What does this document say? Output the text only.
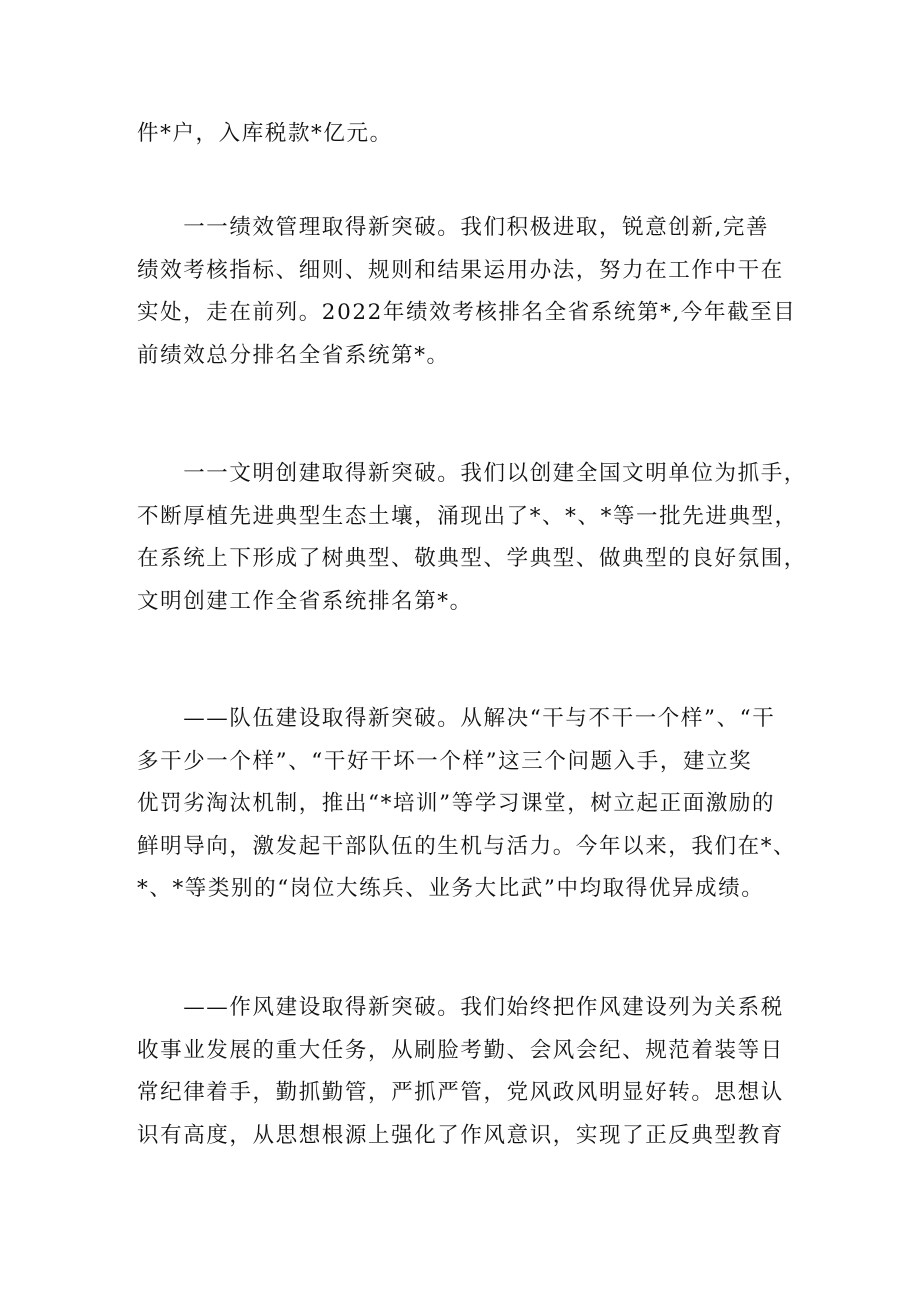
件*户，入库税款*亿元。

　　一一绩效管理取得新突破。我们积极进取，锐意创新,完善
绩效考核指标、细则、规则和结果运用办法，努力在工作中干在
实处，走在前列。2022年绩效考核排名全省系统第*,今年截至目
前绩效总分排名全省系统第*。

　　一一文明创建取得新突破。我们以创建全国文明单位为抓手，
不断厚植先进典型生态土壤，涌现出了*、*、*等一批先进典型，
在系统上下形成了树典型、敬典型、学典型、做典型的良好氛围，
文明创建工作全省系统排名第*。

　　——队伍建设取得新突破。从解决“干与不干一个样”、“干
多干少一个样”、“干好干坏一个样”这三个问题入手，建立奖
优罚劣淘汰机制，推出“*培训”等学习课堂，树立起正面激励的
鲜明导向，激发起干部队伍的生机与活力。今年以来，我们在*、
*、*等类别的“岗位大练兵、业务大比武”中均取得优异成绩。

　　——作风建设取得新突破。我们始终把作风建设列为关系税
收事业发展的重大任务，从刷脸考勤、会风会纪、规范着装等日
常纪律着手，勤抓勤管，严抓严管，党风政风明显好转。思想认
识有高度，从思想根源上强化了作风意识，实现了正反典型教育
